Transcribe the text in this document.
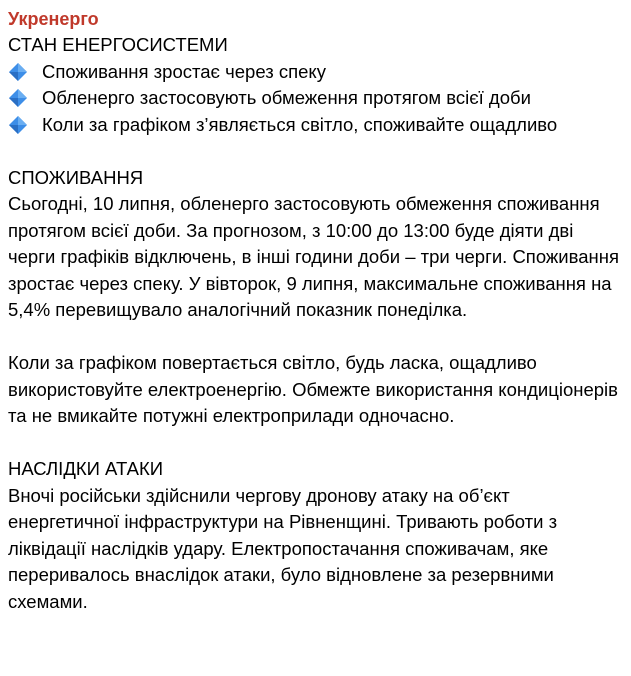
Укренерго
СТАН ЕНЕРГОСИСТЕМИ
Споживання зростає через спеку
Обленерго застосовують обмеження протягом всієї доби
Коли за графіком з’являється світло, споживайте ощадливо
СПОЖИВАННЯ

Сьогодні, 10 липня, обленерго застосовують обмеження споживання протягом всієї доби. За прогнозом, з 10:00 до 13:00 буде діяти дві черги графіків відключень, в інші години доби – три черги. Споживання зростає через спеку. У вівторок, 9 липня, максимальне споживання на 5,4% перевищувало аналогічний показник понеділка.

Коли за графіком повертається світло, будь ласка, ощадливо використовуйте електроенергію. Обмежте використання кондиціонерів та не вмикайте потужні електроприлади одночасно.

НАСЛІДКИ АТАКИ

Вночі російськи здійснили чергову дронову атаку на об’єкт енергетичної інфраструктури на Рівненщині. Тривають роботи з ліквідації наслідків удару. Електропостачання споживачам, яке переривалось внаслідок атаки, було відновлене за резервними схемами.
